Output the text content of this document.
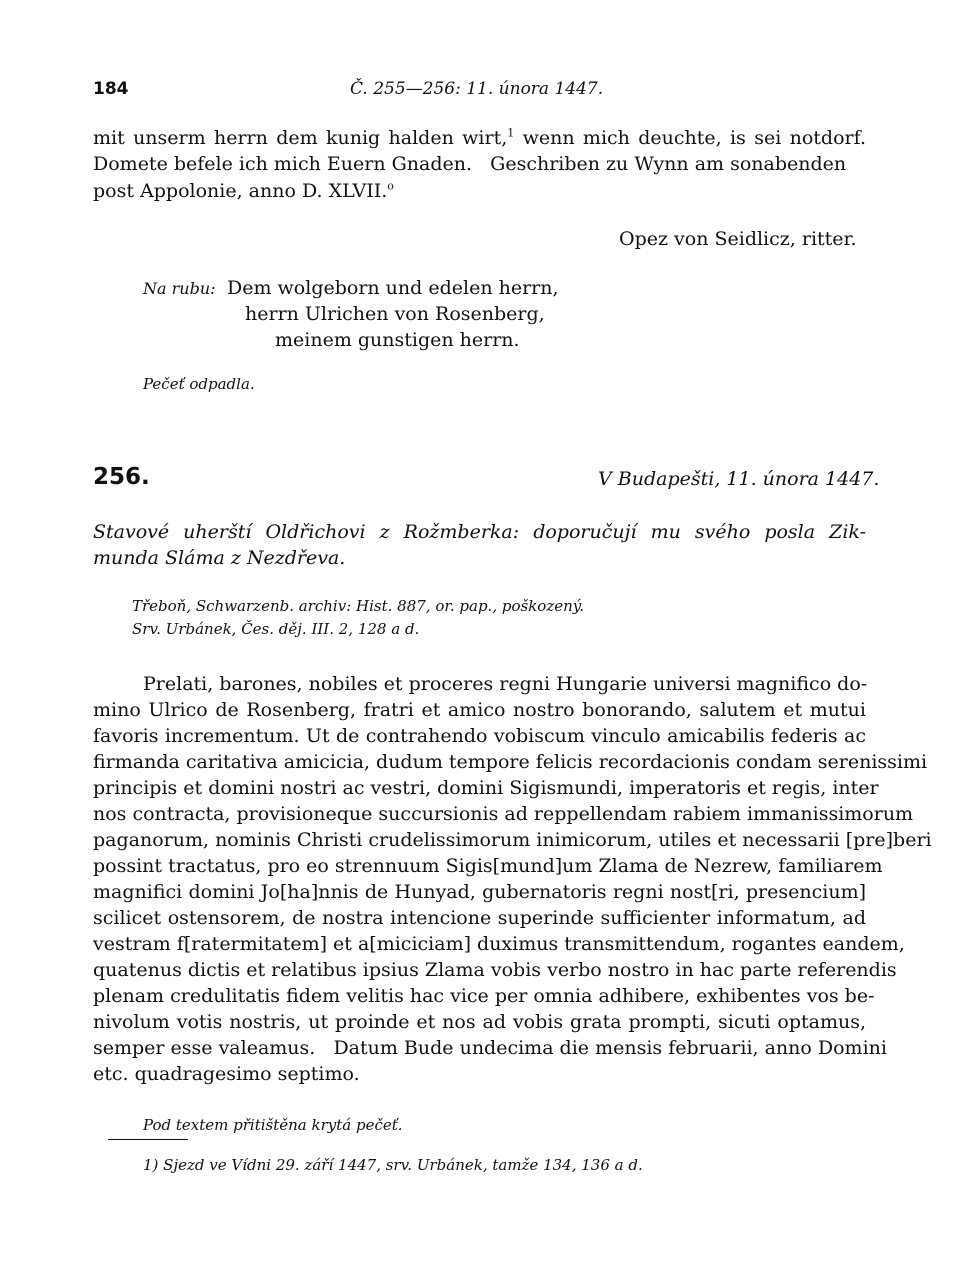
184	Č. 255—256: 11. února 1447.
mit unserm herrn dem kunig halden wirt,$^1$ wenn mich deuchte, is sei notdorf.
Domete befele ich mich Euern Gnaden.   Geschriben zu Wynn am sonabenden
post Appolonie, anno D. XLVII.$^o$
Opez von Seidlicz, ritter.
Na rubu: Dem wolgeborn und edelen herrn,
herrn Ulrichen von Rosenberg,
meinem gunstigen herrn.
Pečeť odpadla.
256.	V Budapešti, 11. února 1447.
Stavové uherští Oldřichovi z Rožmberka: doporučují mu svého posla Zik-
munda Sláma z Nezdřeva.
Třeboň, Schwarzenb. archiv: Hist. 887, or. pap., poškozený.
Srv. Urbánek, Čes. děj. III. 2, 128 a d.
Prelati, barones, nobiles et proceres regni Hungarie universi magnifico do-
mino Ulrico de Rosenberg, fratri et amico nostro bonorando, salutem et mutui
favoris incrementum. Ut de contrahendo vobiscum vinculo amicabilis federis ac
firmanda caritativa amicicia, dudum tempore felicis recordacionis condam serenissimi
principis et domini nostri ac vestri, domini Sigismundi, imperatoris et regis, inter
nos contracta, provisioneque succursionis ad reppellendam rabiem immanissimorum
paganorum, nominis Christi crudelissimorum inimicorum, utiles et necessarii [pre]beri
possint tractatus, pro eo strennuum Sigis[mund]um Zlama de Nezrew, familiarem
magnifici domini Jo[ha]nnis de Hunyad, gubernatoris regni nost[ri, presencium]
scilicet ostensorem, de nostra intencione superinde sufficienter informatum, ad
vestram f[ratermitatem] et a[miciciam] duximus transmittendum, rogantes eandem,
quatenus dictis et relatibus ipsius Zlama vobis verbo nostro in hac parte referendis
plenam credulitatis fidem velitis hac vice per omnia adhibere, exhibentes vos be-
nivolum votis nostris, ut proinde et nos ad vobis grata prompti, sicuti optamus,
semper esse valeamus.   Datum Bude undecima die mensis februarii, anno Domini
etc. quadragesimo septimo.
Pod textem přitištěna krytá pečeť.
1) Sjezd ve Vídni 29. září 1447, srv. Urbánek, tamže 134, 136 a d.
